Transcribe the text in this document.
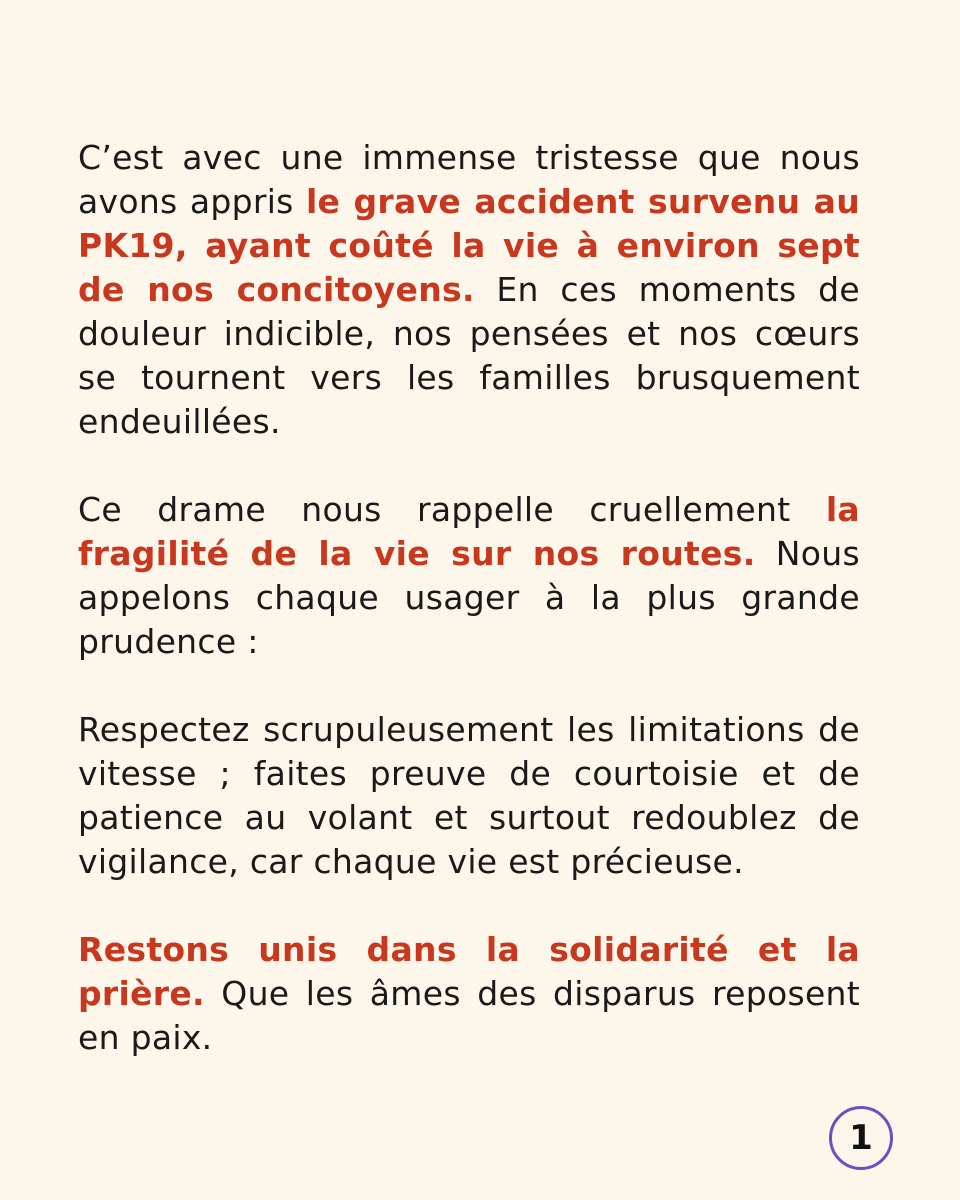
C’est avec une immense tristesse que nous avons appris le grave accident survenu au PK19, ayant coûté la vie à environ sept de nos concitoyens. En ces moments de douleur indicible, nos pensées et nos cœurs se tournent vers les familles brusquement endeuillées.

Ce drame nous rappelle cruellement la fragilité de la vie sur nos routes. Nous appelons chaque usager à la plus grande prudence :

Respectez scrupuleusement les limitations de vitesse ; faites preuve de courtoisie et de patience au volant et surtout redoublez de vigilance, car chaque vie est précieuse.

Restons unis dans la solidarité et la prière. Que les âmes des disparus reposent en paix.

1
